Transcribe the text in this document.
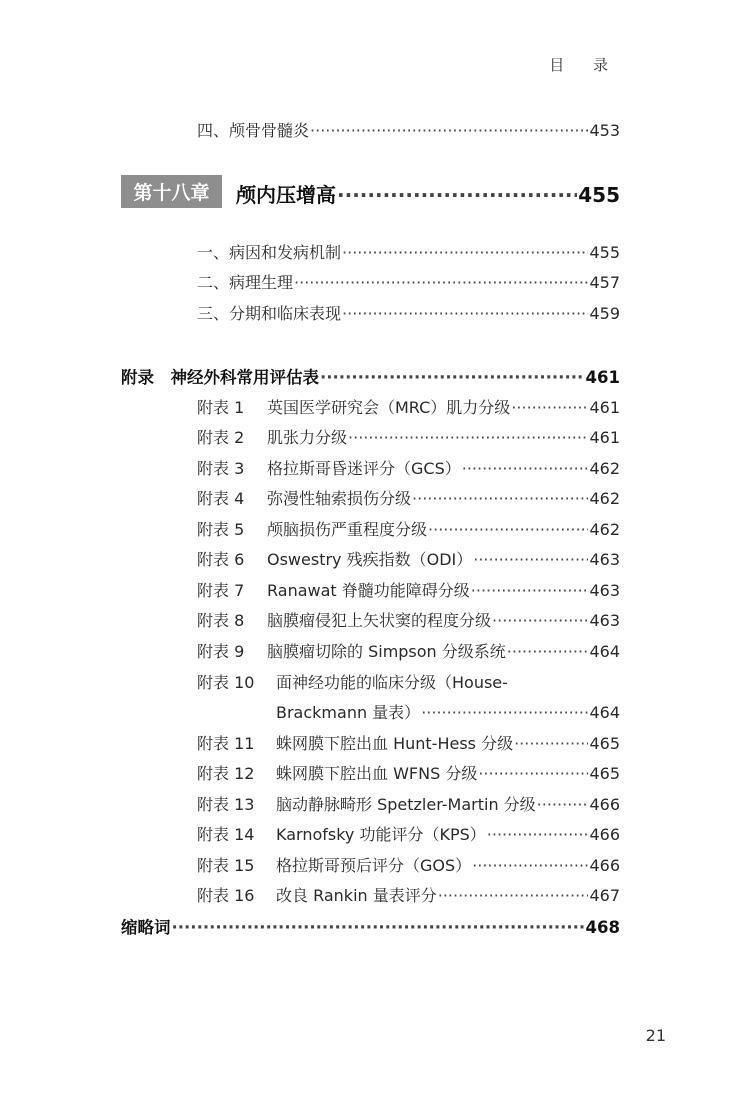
目 录
四、颅骨骨髓炎 ·····	453
第十八章	颅内压增高 ·····	455
一、病因和发病机制 ·····	455
二、病理生理 ·····	457
三、分期和临床表现 ·····	459
附录　神经外科常用评估表 ·····	461
附表 1 英国医学研究会（MRC）肌力分级 ·····	461
附表 2 肌张力分级 ·····	461
附表 3 格拉斯哥昏迷评分（GCS） ·····	462
附表 4 弥漫性轴索损伤分级 ·····	462
附表 5 颅脑损伤严重程度分级 ·····	462
附表 6 Oswestry 残疾指数（ODI） ·····	463
附表 7 Ranawat 脊髓功能障碍分级 ·····	463
附表 8 脑膜瘤侵犯上矢状窦的程度分级 ·····	463
附表 9 脑膜瘤切除的 Simpson 分级系统 ·····	464
附表 10 面神经功能的临床分级（House-
Brackmann 量表） ·····	464
附表 11 蛛网膜下腔出血 Hunt-Hess 分级 ·····	465
附表 12 蛛网膜下腔出血 WFNS 分级 ·····	465
附表 13 脑动静脉畸形 Spetzler-Martin 分级 ·····	466
附表 14 Karnofsky 功能评分（KPS） ·····	466
附表 15 格拉斯哥预后评分（GOS） ·····	466
附表 16 改良 Rankin 量表评分 ·····	467
缩略词 ·····	468
21
